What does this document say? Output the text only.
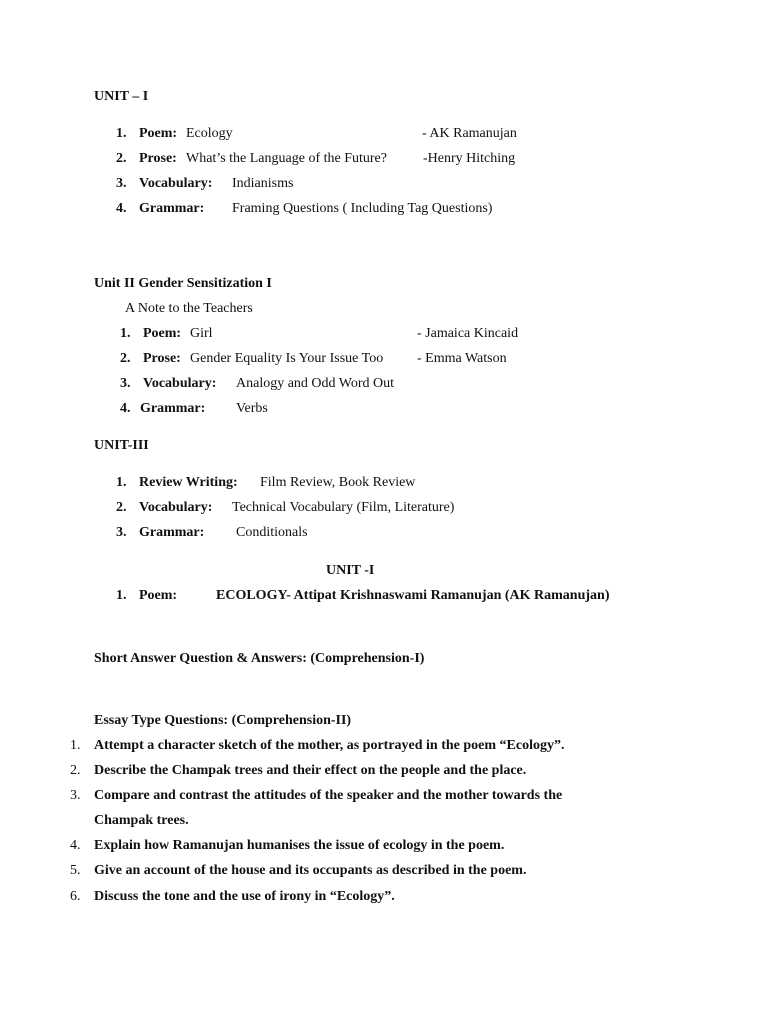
UNIT – I
1. Poem: Ecology	- AK Ramanujan
2. Prose: What’s the Language of the Future?	-Henry Hitching
3. Vocabulary: Indianisms
4. Grammar: Framing Questions ( Including Tag Questions)
Unit II Gender Sensitization I
A Note to the Teachers
1. Poem: Girl	- Jamaica Kincaid
2. Prose: Gender Equality Is Your Issue Too - Emma Watson
3. Vocabulary: Analogy and Odd Word Out
4. Grammar: Verbs
UNIT-III
1. Review Writing: Film Review, Book Review
2. Vocabulary: Technical Vocabulary (Film, Literature)
3. Grammar: Conditionals
UNIT -I
1. Poem:	ECOLOGY- Attipat Krishnaswami Ramanujan (AK Ramanujan)
Short Answer Question & Answers: (Comprehension-I)
Essay Type Questions: (Comprehension-II)
1. Attempt a character sketch of the mother, as portrayed in the poem “Ecology”.
2. Describe the Champak trees and their effect on the people and the place.
3. Compare and contrast the attitudes of the speaker and the mother towards the
Champak trees.
4. Explain how Ramanujan humanises the issue of ecology in the poem.
5. Give an account of the house and its occupants as described in the poem.
6. Discuss the tone and the use of irony in “Ecology”.
